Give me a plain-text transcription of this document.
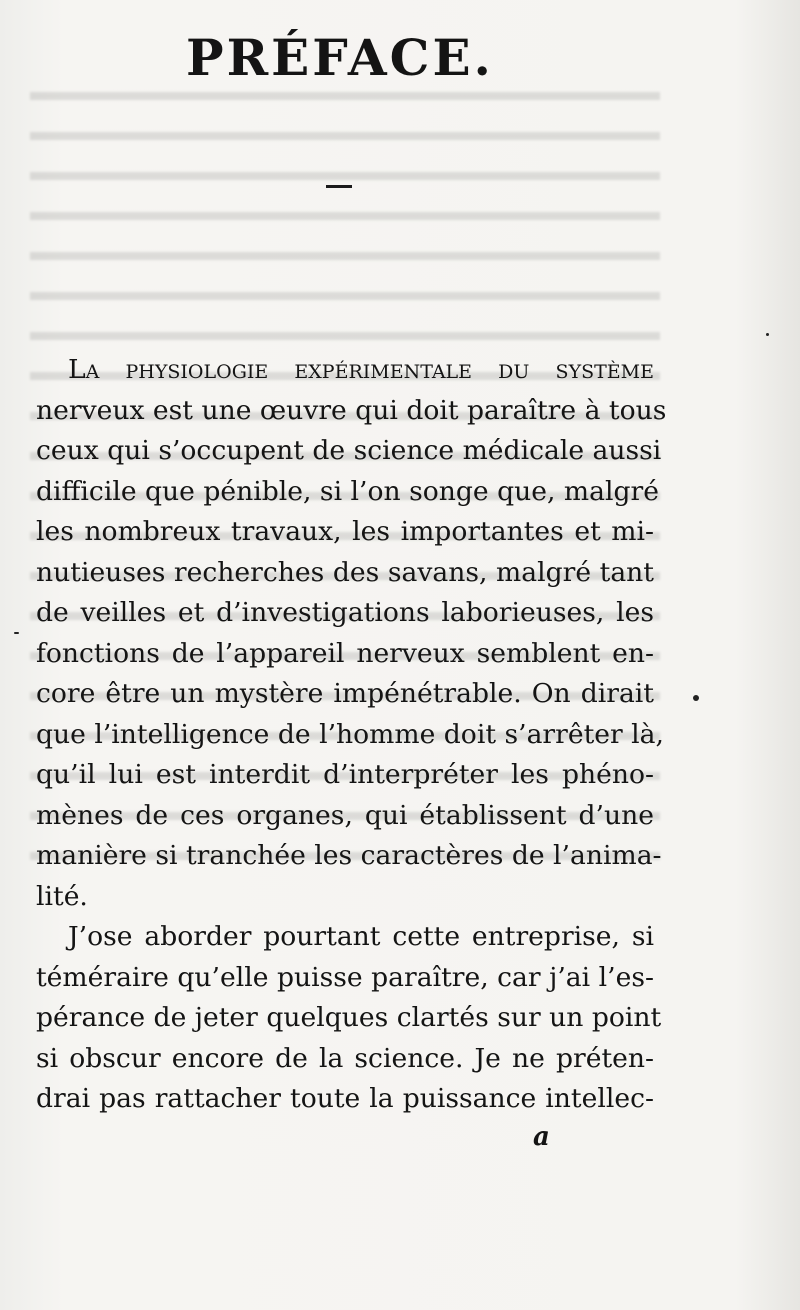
PRÉFACE.
La physiologie expérimentale du système
nerveux est une œuvre qui doit paraître à tous
ceux qui s’occupent de science médicale aussi
difficile que pénible, si l’on songe que, malgré
les nombreux travaux, les importantes et mi-
nutieuses recherches des savans, malgré tant
de veilles et d’investigations laborieuses, les
fonctions de l’appareil nerveux semblent en-
core être un mystère impénétrable. On dirait
que l’intelligence de l’homme doit s’arrêter là,
qu’il lui est interdit d’interpréter les phéno-
mènes de ces organes, qui établissent d’une
manière si tranchée les caractères de l’anima-
lité.
J’ose aborder pourtant cette entreprise, si
téméraire qu’elle puisse paraître, car j’ai l’es-
pérance de jeter quelques clartés sur un point
si obscur encore de la science. Je ne préten-
drai pas rattacher toute la puissance intellec-
a
